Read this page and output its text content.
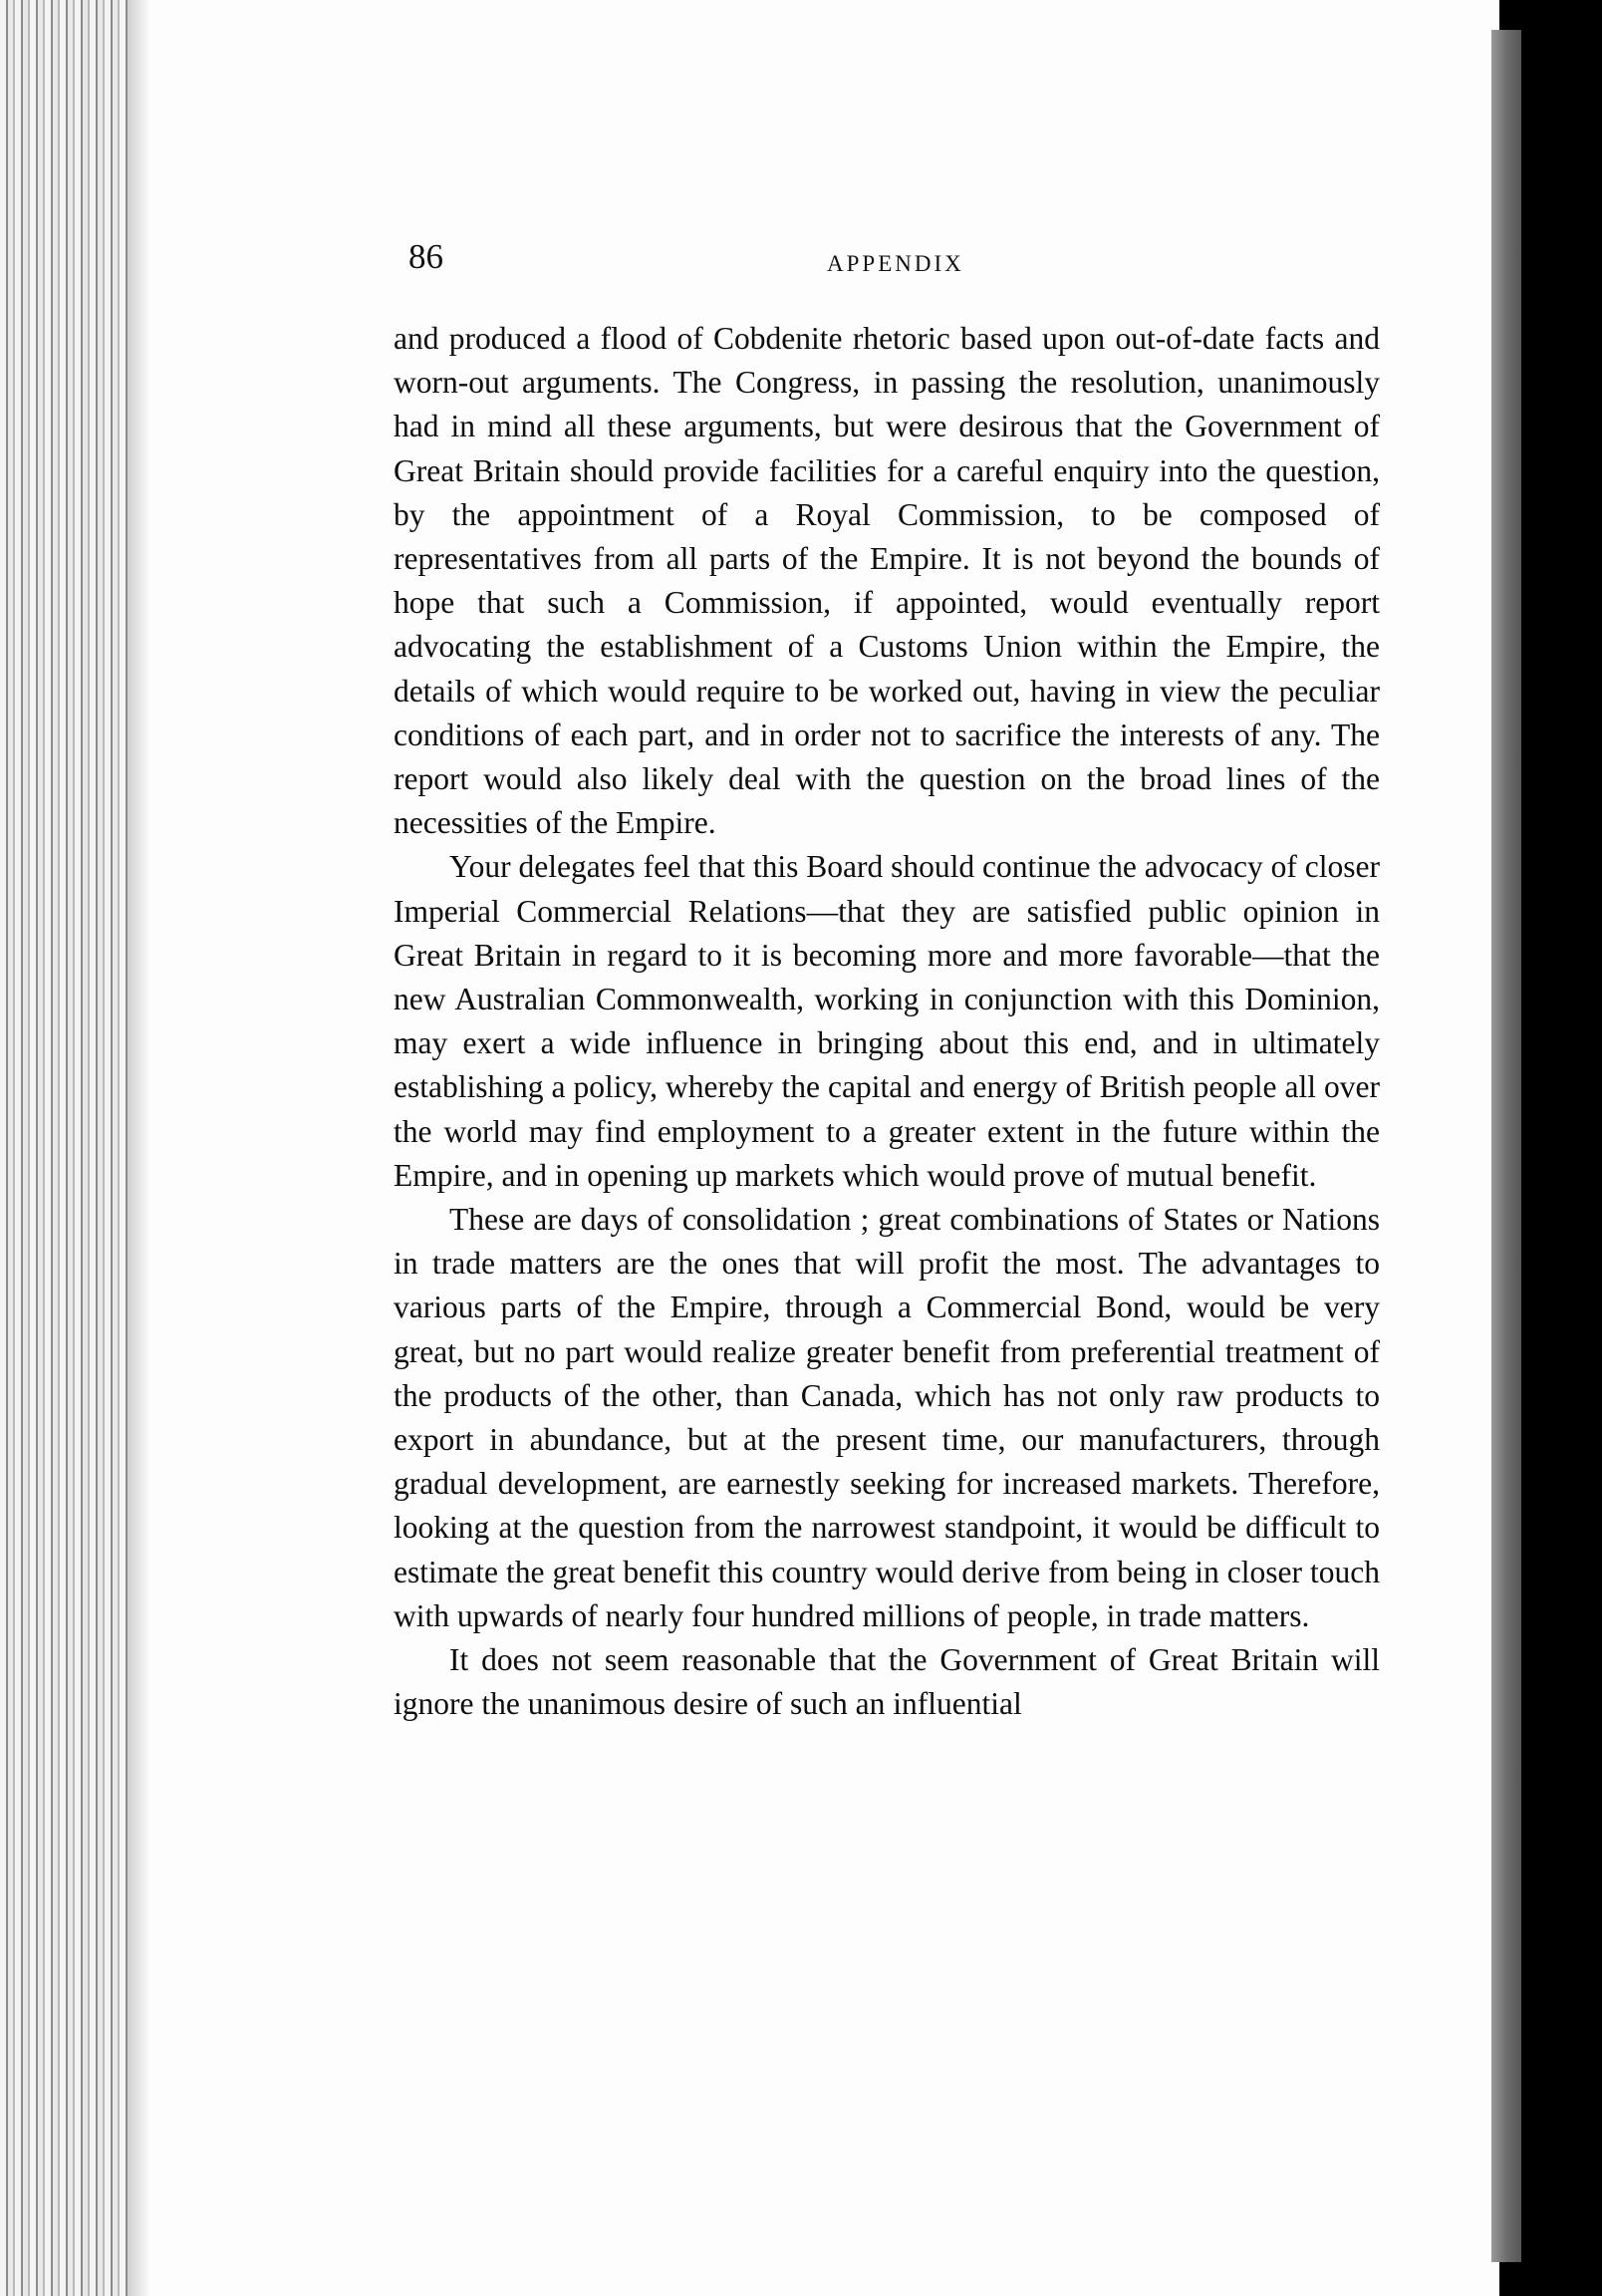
86	APPENDIX

and produced a flood of Cobdenite rhetoric based upon out-of-date facts and worn-out arguments. The Congress, in passing the resolution, unanimously had in mind all these arguments, but were desirous that the Government of Great Britain should provide facilities for a careful enquiry into the question, by the appointment of a Royal Commission, to be composed of representatives from all parts of the Empire. It is not beyond the bounds of hope that such a Commission, if appointed, would eventually report advocating the establishment of a Customs Union within the Empire, the details of which would require to be worked out, having in view the peculiar conditions of each part, and in order not to sacrifice the interests of any. The report would also likely deal with the question on the broad lines of the necessities of the Empire.

Your delegates feel that this Board should continue the advocacy of closer Imperial Commercial Relations—that they are satisfied public opinion in Great Britain in regard to it is becoming more and more favorable—that the new Australian Commonwealth, working in conjunction with this Dominion, may exert a wide influence in bringing about this end, and in ultimately establishing a policy, whereby the capital and energy of British people all over the world may find employment to a greater extent in the future within the Empire, and in opening up markets which would prove of mutual benefit.

These are days of consolidation ; great combinations of States or Nations in trade matters are the ones that will profit the most. The advantages to various parts of the Empire, through a Commercial Bond, would be very great, but no part would realize greater benefit from preferential treatment of the products of the other, than Canada, which has not only raw products to export in abundance, but at the present time, our manufacturers, through gradual development, are earnestly seeking for increased markets. Therefore, looking at the question from the narrowest standpoint, it would be difficult to estimate the great benefit this country would derive from being in closer touch with upwards of nearly four hundred millions of people, in trade matters.

It does not seem reasonable that the Government of Great Britain will ignore the unanimous desire of such an influential
